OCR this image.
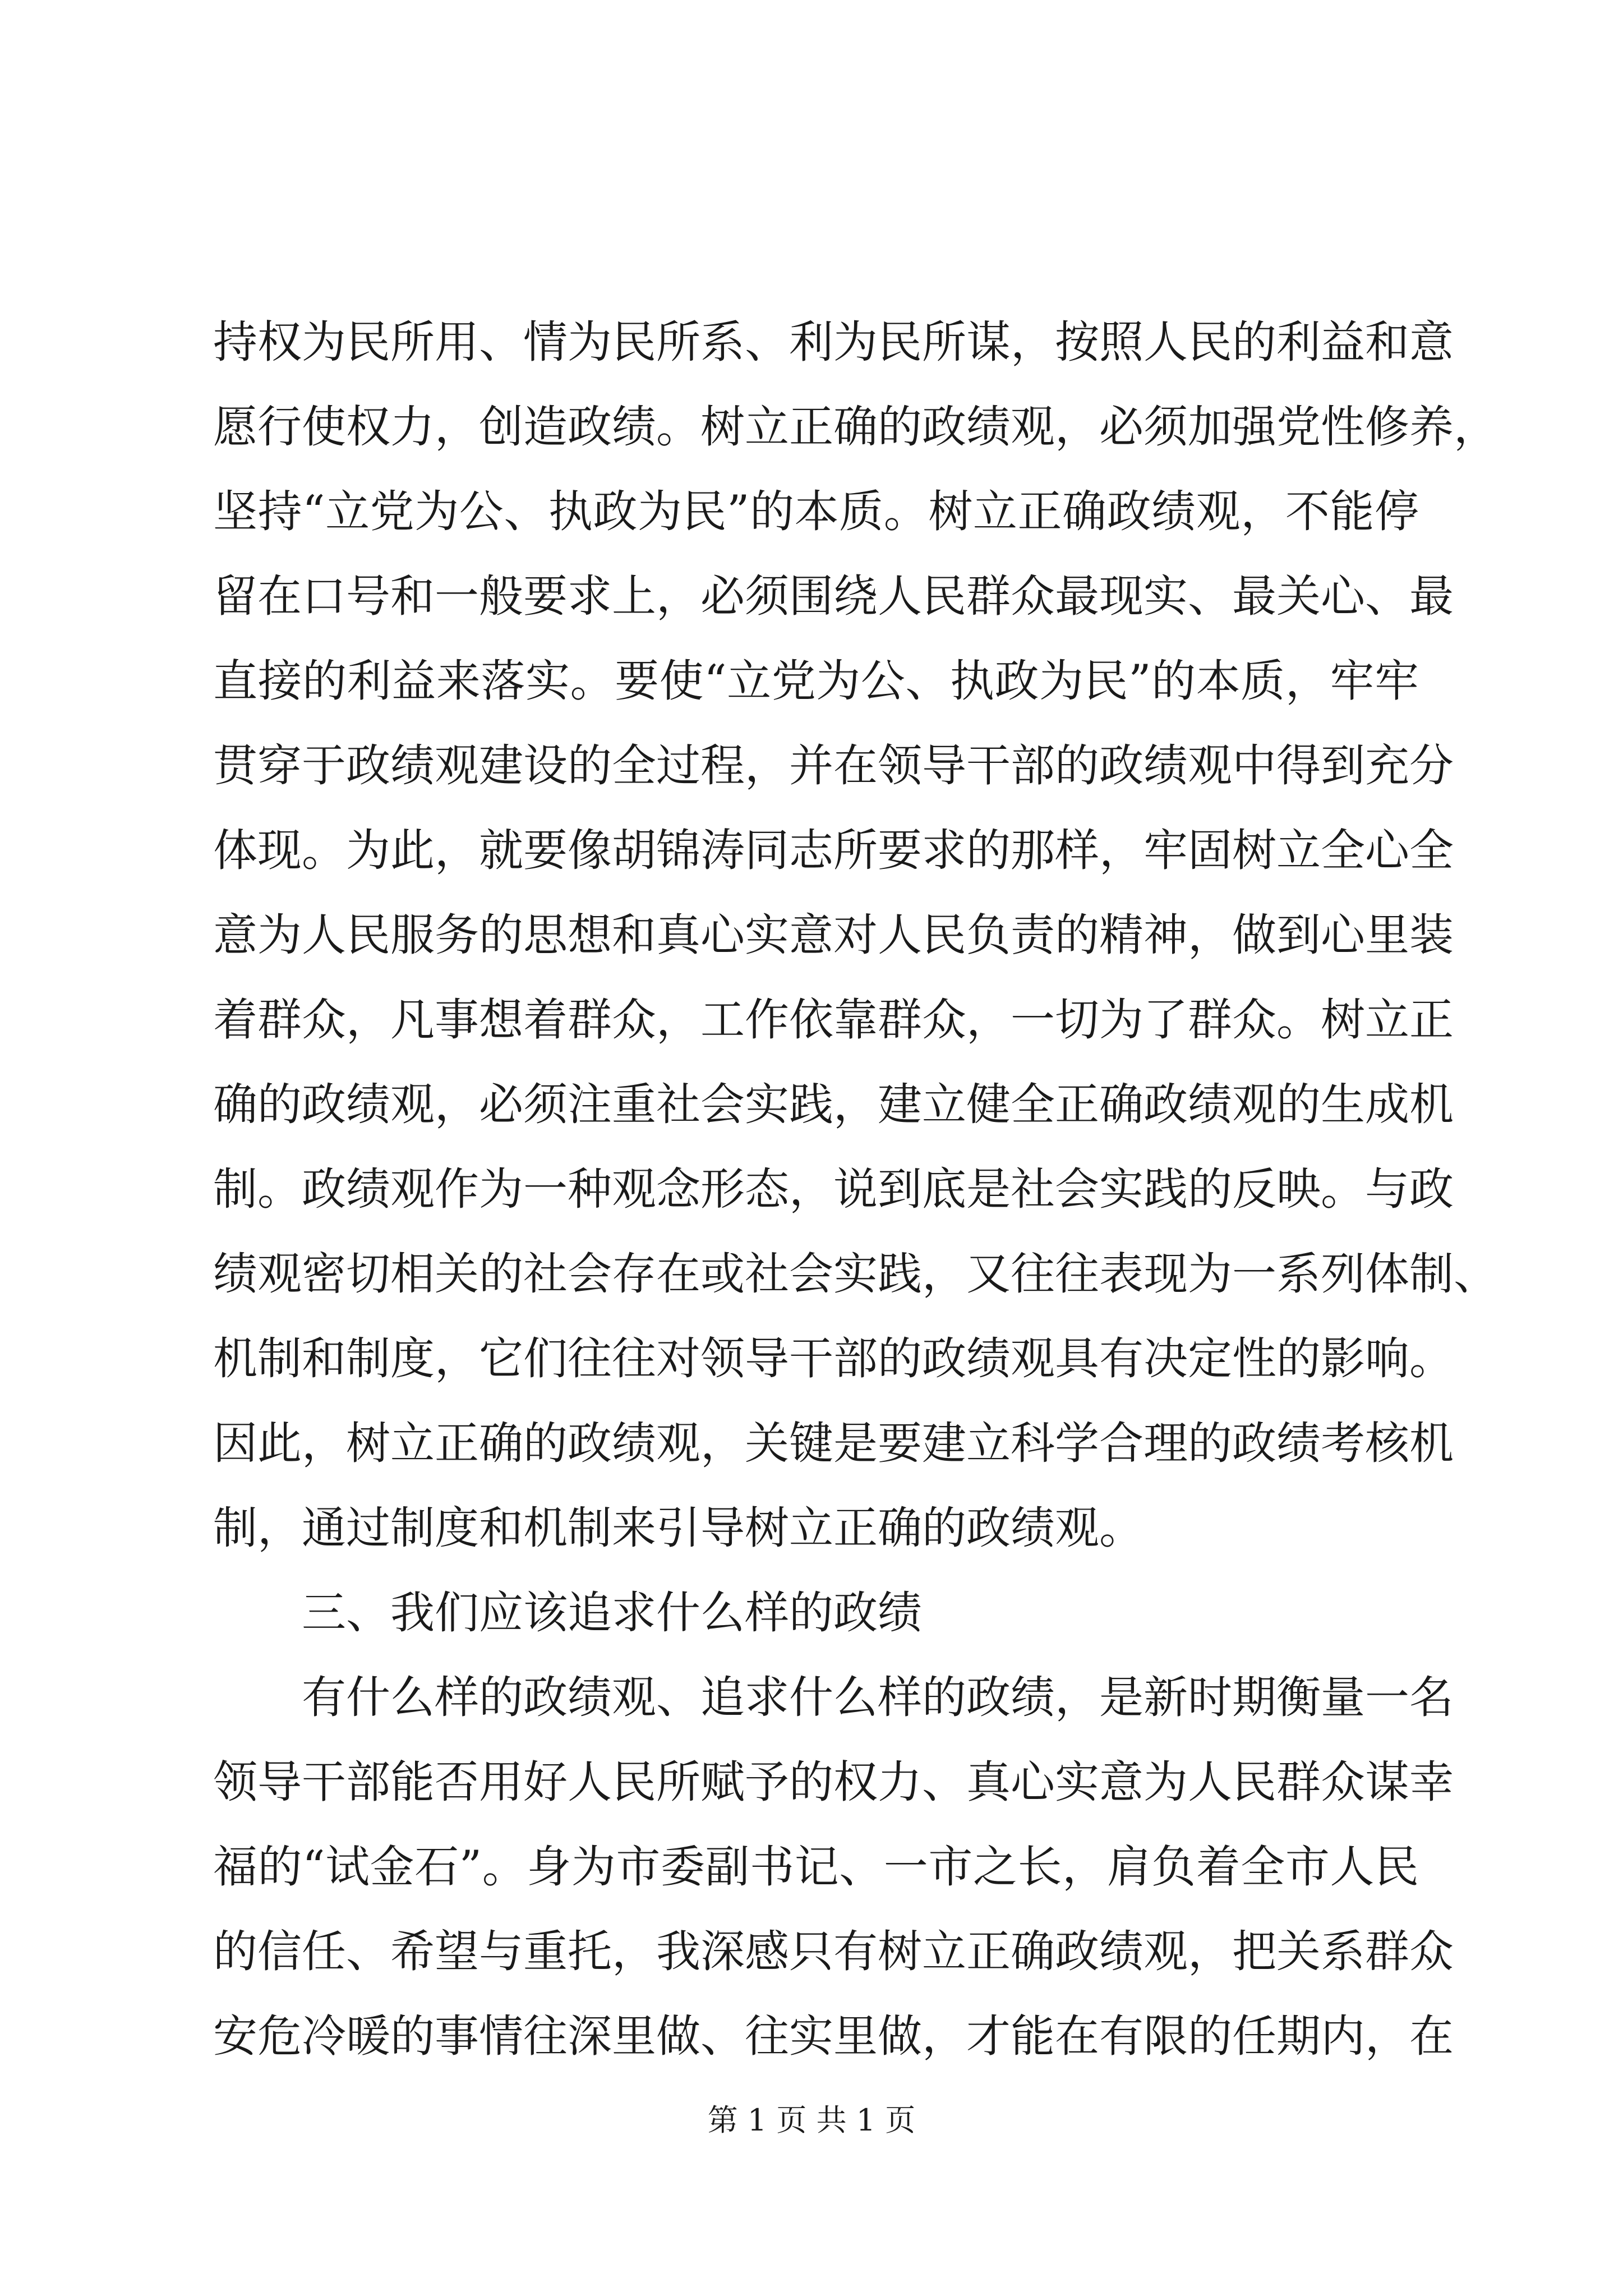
持权为民所用、情为民所系、利为民所谋，按照人民的利益和意
愿行使权力，创造政绩。树立正确的政绩观，必须加强党性修养，
坚持“立党为公、执政为民”的本质。树立正确政绩观，不能停
留在口号和一般要求上，必须围绕人民群众最现实、最关心、最
直接的利益来落实。要使“立党为公、执政为民”的本质，牢牢
贯穿于政绩观建设的全过程，并在领导干部的政绩观中得到充分
体现。为此，就要像胡锦涛同志所要求的那样，牢固树立全心全
意为人民服务的思想和真心实意对人民负责的精神，做到心里装
着群众，凡事想着群众，工作依靠群众，一切为了群众。树立正
确的政绩观，必须注重社会实践，建立健全正确政绩观的生成机
制。政绩观作为一种观念形态，说到底是社会实践的反映。与政
绩观密切相关的社会存在或社会实践，又往往表现为一系列体制、
机制和制度，它们往往对领导干部的政绩观具有决定性的影响。
因此，树立正确的政绩观，关键是要建立科学合理的政绩考核机
制，通过制度和机制来引导树立正确的政绩观。
三、我们应该追求什么样的政绩
有什么样的政绩观、追求什么样的政绩，是新时期衡量一名
领导干部能否用好人民所赋予的权力、真心实意为人民群众谋幸
福的“试金石”。身为市委副书记、一市之长，肩负着全市人民
的信任、希望与重托，我深感只有树立正确政绩观，把关系群众
安危冷暖的事情往深里做、往实里做，才能在有限的任期内，在
第 1 页 共 1 页
